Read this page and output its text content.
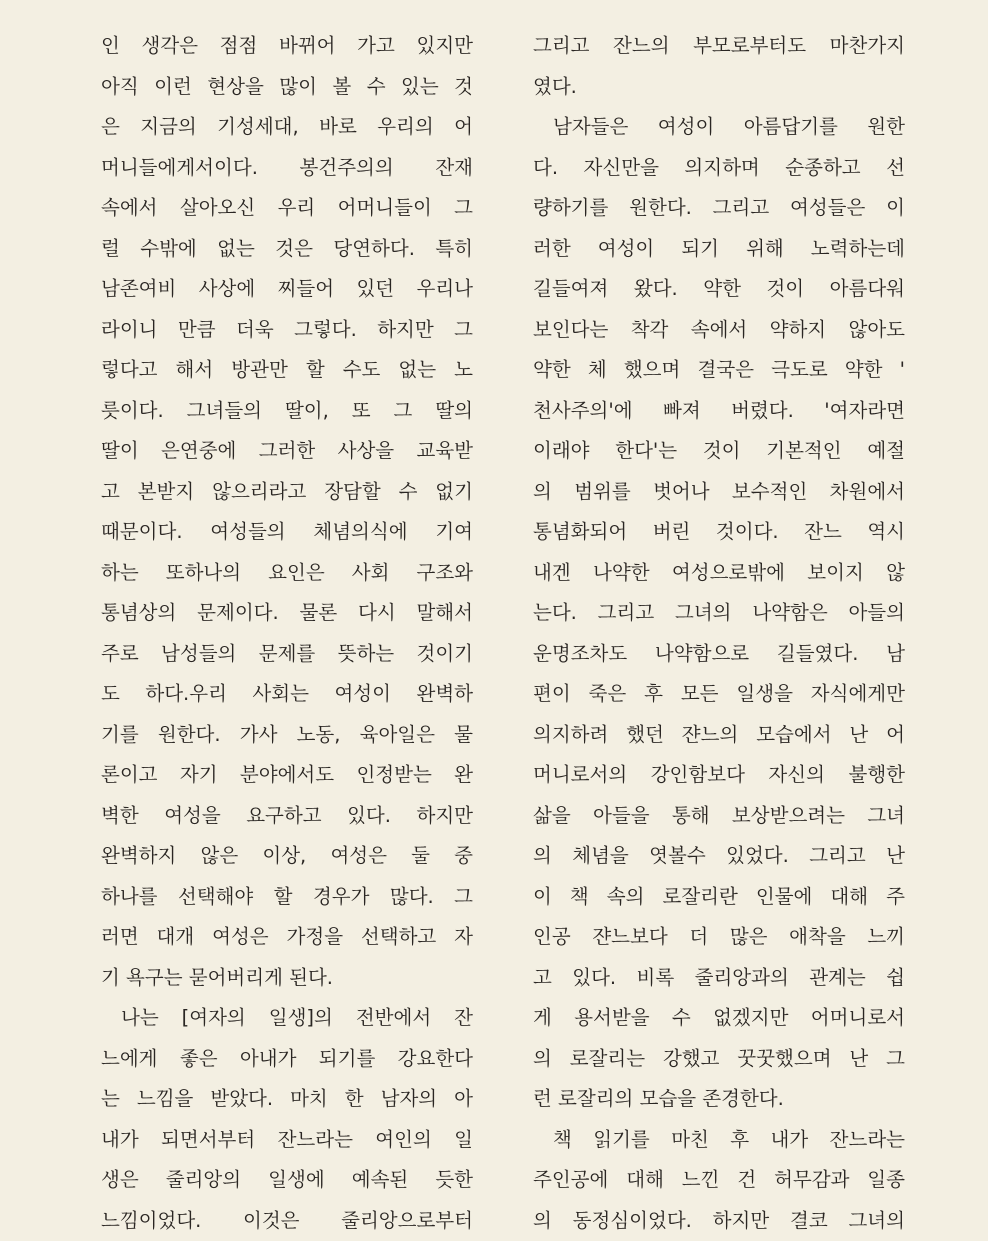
인 생각은 점점 바뀌어 가고 있지만
아직 이런 현상을 많이 볼 수 있는 것
은 지금의 기성세대, 바로 우리의 어
머니들에게서이다. 봉건주의의 잔재
속에서 살아오신 우리 어머니들이 그
럴 수밖에 없는 것은 당연하다. 특히
남존여비 사상에 찌들어 있던 우리나
라이니 만큼 더욱 그렇다. 하지만 그
렇다고 해서 방관만 할 수도 없는 노
릇이다. 그녀들의 딸이, 또 그 딸의
딸이 은연중에 그러한 사상을 교육받
고 본받지 않으리라고 장담할 수 없기
때문이다. 여성들의 체념의식에 기여
하는 또하나의 요인은 사회 구조와
통념상의 문제이다. 물론 다시 말해서
주로 남성들의 문제를 뜻하는 것이기
도 하다.우리 사회는 여성이 완벽하
기를 원한다. 가사 노동, 육아일은 물
론이고 자기 분야에서도 인정받는 완
벽한 여성을 요구하고 있다. 하지만
완벽하지 않은 이상, 여성은 둘 중
하나를 선택해야 할 경우가 많다. 그
러면 대개 여성은 가정을 선택하고 자
기 욕구는 묻어버리게 된다.
나는 [여자의 일생]의 전반에서 잔
느에게 좋은 아내가 되기를 강요한다
는 느낌을 받았다. 마치 한 남자의 아
내가 되면서부터 잔느라는 여인의 일
생은 줄리앙의 일생에 예속된 듯한
느낌이었다. 이것은 줄리앙으로부터
그리고 잔느의 부모로부터도 마찬가지
였다.
남자들은 여성이 아름답기를 원한
다. 자신만을 의지하며 순종하고 선
량하기를 원한다. 그리고 여성들은 이
러한 여성이 되기 위해 노력하는데
길들여져 왔다. 약한 것이 아름다워
보인다는 착각 속에서 약하지 않아도
약한 체 했으며 결국은 극도로 약한 '
천사주의'에 빠져 버렸다. '여자라면
이래야 한다'는 것이 기본적인 예절
의 범위를 벗어나 보수적인 차원에서
통념화되어 버린 것이다. 잔느 역시
내겐 나약한 여성으로밖에 보이지 않
는다. 그리고 그녀의 나약함은 아들의
운명조차도 나약함으로 길들였다. 남
편이 죽은 후 모든 일생을 자식에게만
의지하려 했던 쟌느의 모습에서 난 어
머니로서의 강인함보다 자신의 불행한
삶을 아들을 통해 보상받으려는 그녀
의 체념을 엿볼수 있었다. 그리고 난
이 책 속의 로잘리란 인물에 대해 주
인공 쟌느보다 더 많은 애착을 느끼
고 있다. 비록 줄리앙과의 관계는 쉽
게 용서받을 수 없겠지만 어머니로서
의 로잘리는 강했고 꿋꿋했으며 난 그
런 로잘리의 모습을 존경한다.
책 읽기를 마친 후 내가 잔느라는
주인공에 대해 느낀 건 허무감과 일종
의 동정심이었다. 하지만 결코 그녀의
